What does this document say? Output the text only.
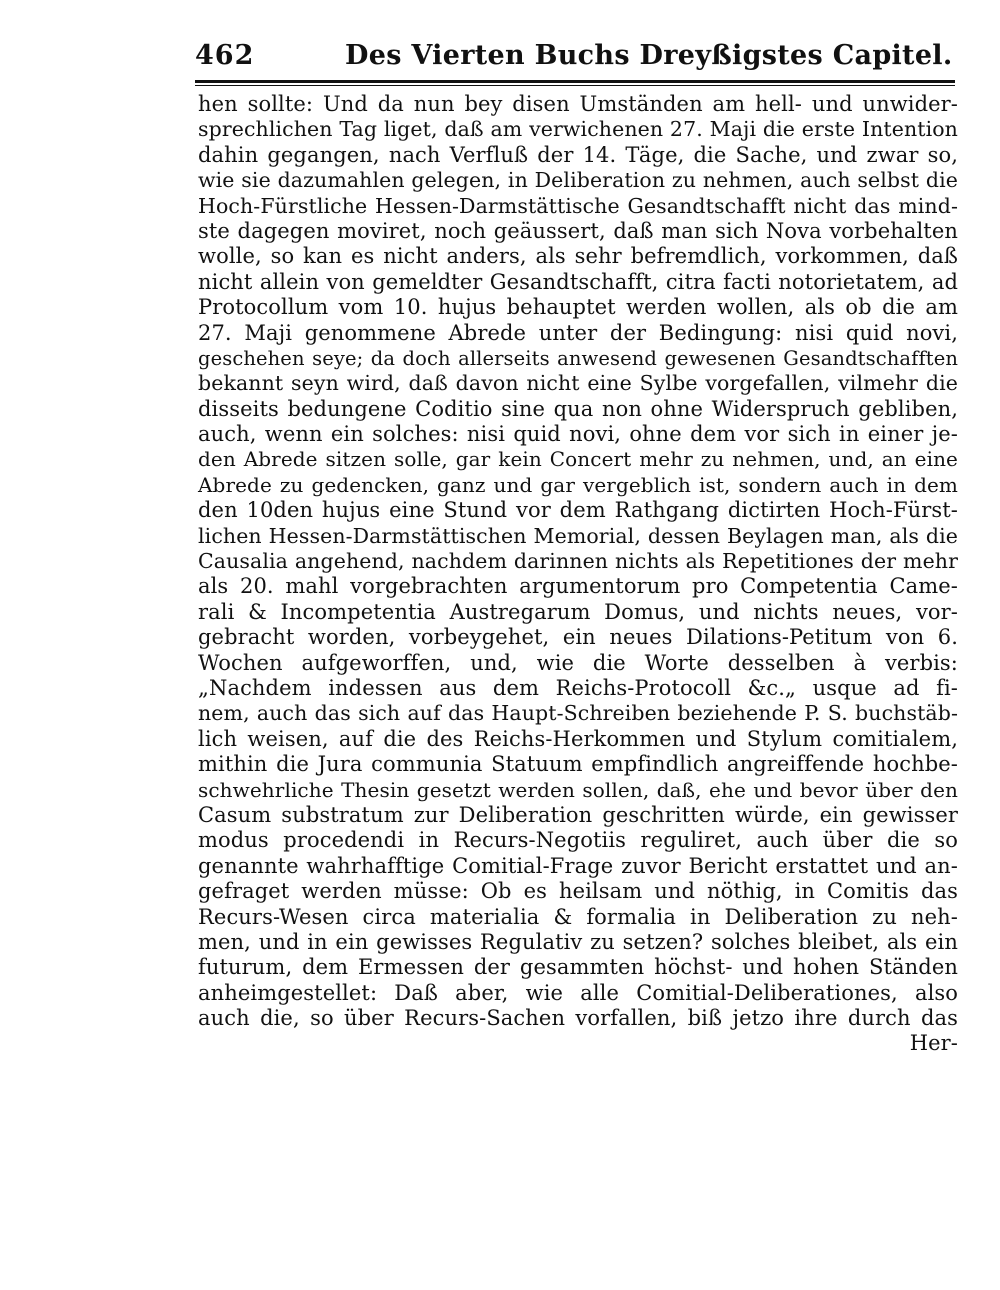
462	Des Vierten Buchs Dreyßigstes Capitel.
hen sollte: Und da nun bey disen Umständen am hell- und unwider-
sprechlichen Tag liget, daß am verwichenen 27. Maji die erste Intention
dahin gegangen, nach Verfluß der 14. Täge, die Sache, und zwar so,
wie sie dazumahlen gelegen, in Deliberation zu nehmen, auch selbst die
Hoch-Fürstliche Hessen-Darmstättische Gesandtschafft nicht das mind-
ste dagegen moviret, noch geäussert, daß man sich Nova vorbehalten
wolle, so kan es nicht anders, als sehr befremdlich, vorkommen, daß
nicht allein von gemeldter Gesandtschafft, citra facti notorietatem, ad
Protocollum vom 10. hujus behauptet werden wollen, als ob die am
27. Maji genommene Abrede unter der Bedingung: nisi quid novi,
geschehen seye; da doch allerseits anwesend gewesenen Gesandtschafften
bekannt seyn wird, daß davon nicht eine Sylbe vorgefallen, vilmehr die
disseits bedungene Coditio sine qua non ohne Widerspruch gebliben,
auch, wenn ein solches: nisi quid novi, ohne dem vor sich in einer je-
den Abrede sitzen solle, gar kein Concert mehr zu nehmen, und, an eine
Abrede zu gedencken, ganz und gar vergeblich ist, sondern auch in dem
den 10den hujus eine Stund vor dem Rathgang dictirten Hoch-Fürst-
lichen Hessen-Darmstättischen Memorial, dessen Beylagen man, als die
Causalia angehend, nachdem darinnen nichts als Repetitiones der mehr
als 20. mahl vorgebrachten argumentorum pro Competentia Came-
rali & Incompetentia Austregarum Domus, und nichts neues, vor-
gebracht worden, vorbeygehet, ein neues Dilations-Petitum von 6.
Wochen aufgeworffen, und, wie die Worte desselben à verbis:
„Nachdem indessen aus dem Reichs-Protocoll &c.„ usque ad fi-
nem, auch das sich auf das Haupt-Schreiben beziehende P. S. buchstäb-
lich weisen, auf die des Reichs-Herkommen und Stylum comitialem,
mithin die Jura communia Statuum empfindlich angreiffende hochbe-
schwehrliche Thesin gesetzt werden sollen, daß, ehe und bevor über den
Casum substratum zur Deliberation geschritten würde, ein gewisser
modus procedendi in Recurs-Negotiis reguliret, auch über die so
genannte wahrhafftige Comitial-Frage zuvor Bericht erstattet und an-
gefraget werden müsse: Ob es heilsam und nöthig, in Comitis das
Recurs-Wesen circa materialia & formalia in Deliberation zu neh-
men, und in ein gewisses Regulativ zu setzen? solches bleibet, als ein
futurum, dem Ermessen der gesammten höchst- und hohen Ständen
anheimgestellet: Daß aber, wie alle Comitial-Deliberationes, also
auch die, so über Recurs-Sachen vorfallen, biß jetzo ihre durch das
Her-
